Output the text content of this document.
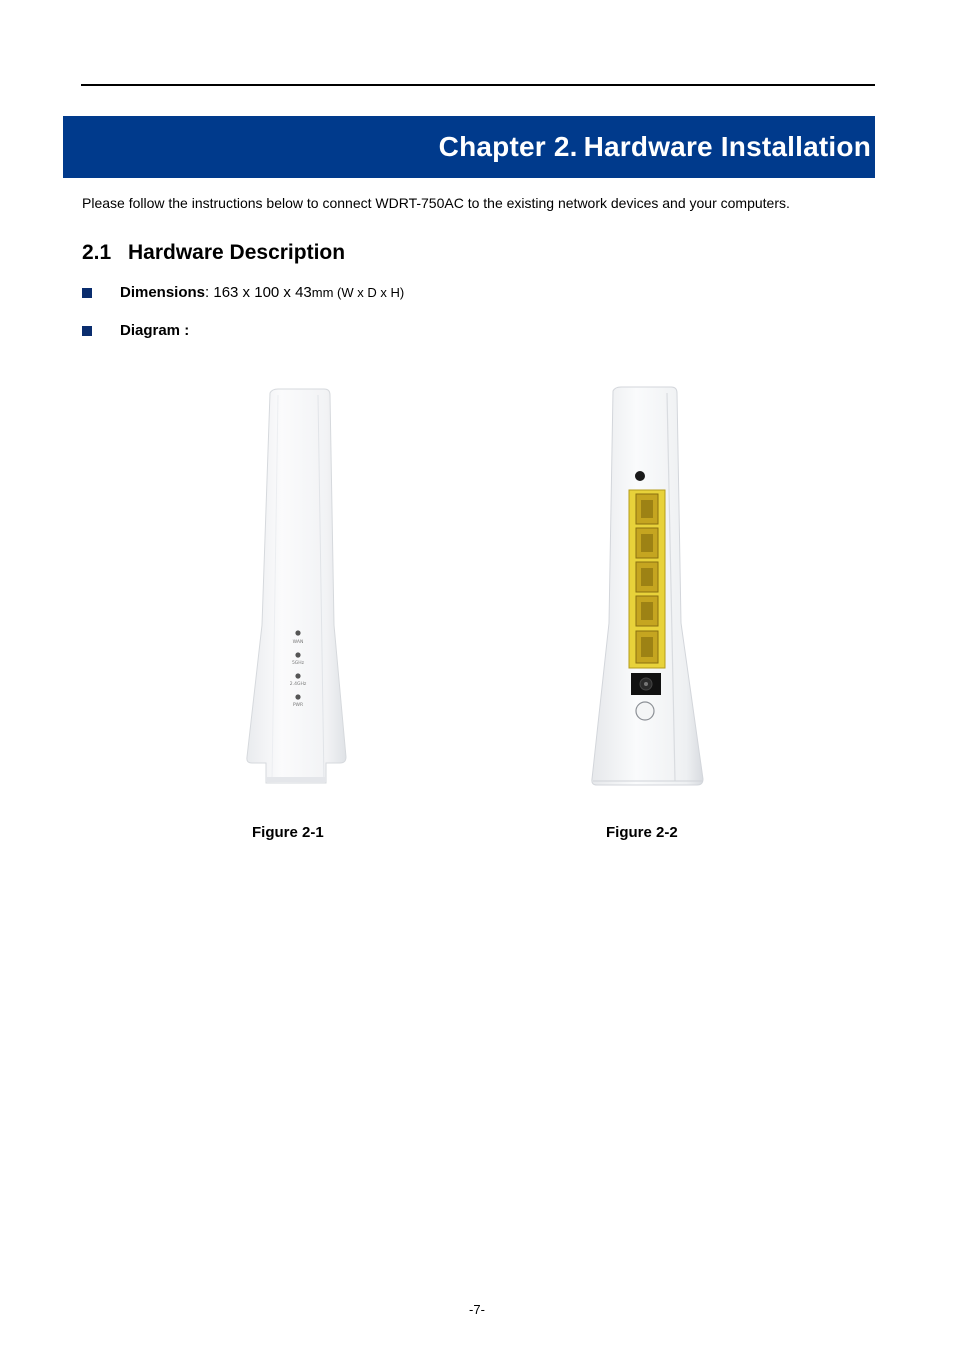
Chapter 2. Hardware Installation
Please follow the instructions below to connect WDRT-750AC to the existing network devices and your computers.
2.1 Hardware Description
Dimensions : 163 x 100 x 43 mm (W x D x H)
Diagram :
WAN
5GHz
2.4GHz
PWR
Figure 2-1	Figure 2-2
-7-
